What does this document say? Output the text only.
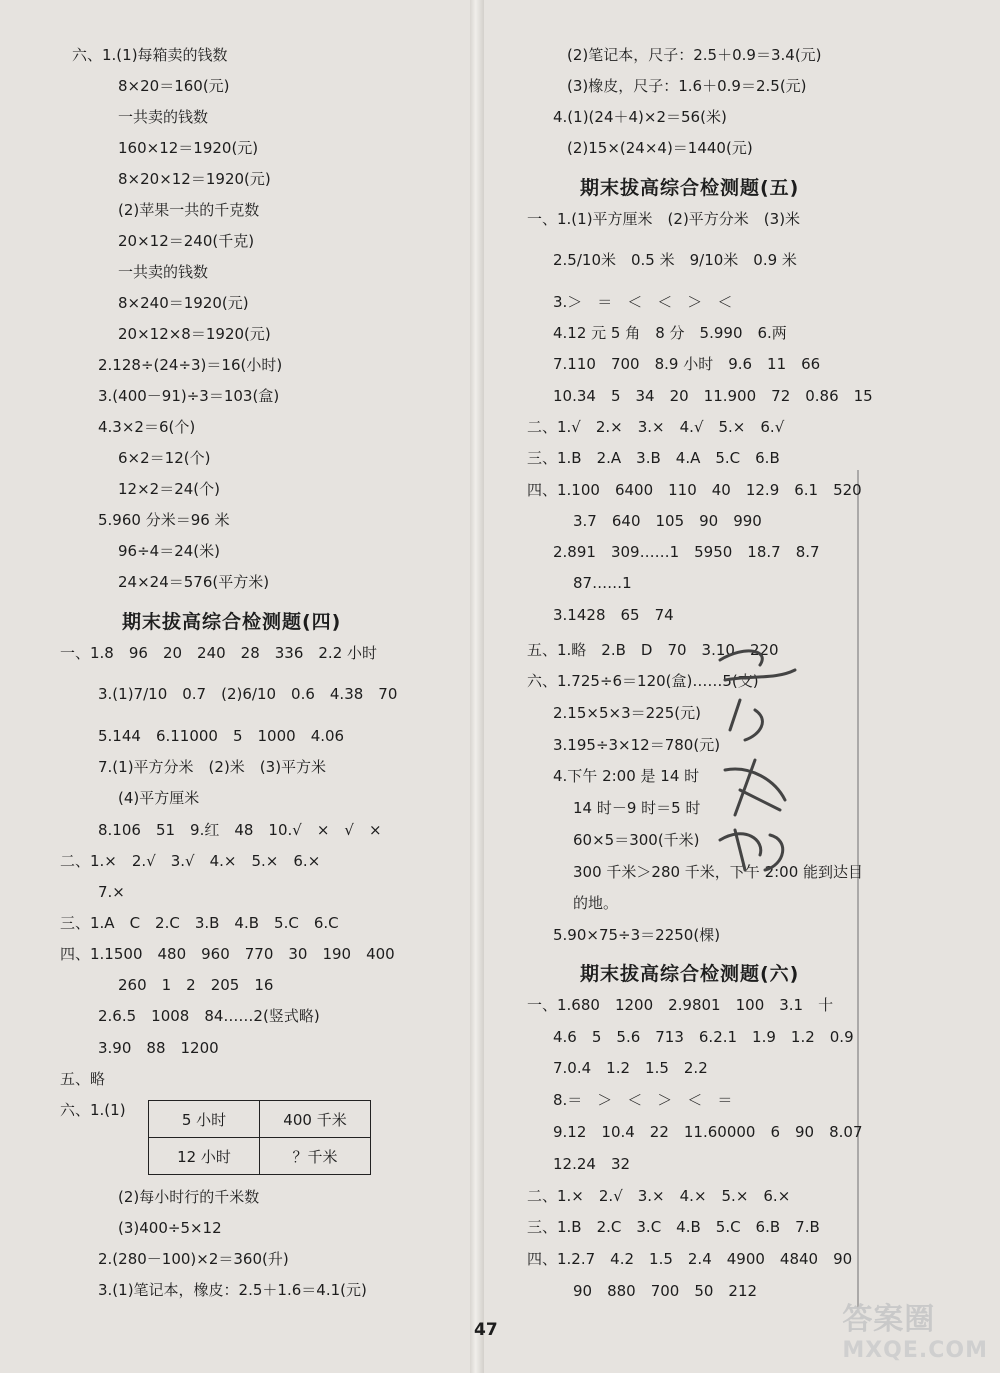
六、1.(1)每箱卖的钱数
8×20＝160(元)
一共卖的钱数
160×12＝1920(元)
8×20×12＝1920(元)
(2)苹果一共的千克数
20×12＝240(千克)
一共卖的钱数
8×240＝1920(元)
20×12×8＝1920(元)
2.128÷(24÷3)＝16(小时)
3.(400－91)÷3＝103(盒)
4.3×2＝6(个)
6×2＝12(个)
12×2＝24(个)
5.960 分米＝96 米
96÷4＝24(米)
24×24＝576(平方米)
期末拔高综合检测题(四)
一、1.8　96　20　240　28　336　2.2 小时
3.(1)7/10　0.7　(2)6/10　0.6　4.38　70
5.144　6.11000　5　1000　4.06
7.(1)平方分米　(2)米　(3)平方米
(4)平方厘米
8.106　51　9.红　48　10.√　×　√　×
二、1.×　2.√　3.√　4.×　5.×　6.×
7.×
三、1.A　C　2.C　3.B　4.B　5.C　6.C
四、1.1500　480　960　770　30　190　400
260　1　2　205　16
2.6.5　1008　84……2(竖式略)
3.90　88　1200
五、略
六、1.(1)
5 小时	400 千米
12 小时	？千米
(2)每小时行的千米数
(3)400÷5×12
2.(280－100)×2＝360(升)
3.(1)笔记本，橡皮：2.5＋1.6＝4.1(元)
(2)笔记本，尺子：2.5＋0.9＝3.4(元)
(3)橡皮，尺子：1.6＋0.9＝2.5(元)
4.(1)(24＋4)×2＝56(米)
(2)15×(24×4)＝1440(元)
期末拔高综合检测题(五)
一、1.(1)平方厘米　(2)平方分米　(3)米
2.5/10米　0.5 米　9/10米　0.9 米
3.＞　＝　＜　＜　＞　＜
4.12 元 5 角　8 分　5.990　6.两
7.110　700　8.9 小时　9.6　11　66
10.34　5　34　20　11.900　72　0.86　15
二、1.√　2.×　3.×　4.√　5.×　6.√
三、1.B　2.A　3.B　4.A　5.C　6.B
四、1.100　6400　110　40　12.9　6.1　520
3.7　640　105　90　990
2.891　309……1　5950　18.7　8.7
87……1
3.1428　65　74
五、1.略　2.B　D　70　3.10　220
六、1.725÷6＝120(盒)……5(支)
2.15×5×3＝225(元)
3.195÷3×12＝780(元)
4.下午 2:00 是 14 时
14 时－9 时＝5 时
60×5＝300(千米)
300 千米＞280 千米，下午 2:00 能到达目
的地。
5.90×75÷3＝2250(棵)
期末拔高综合检测题(六)
一、1.680　1200　2.9801　100　3.1　十
4.6　5　5.6　713　6.2.1　1.9　1.2　0.9
7.0.4　1.2　1.5　2.2
8.＝　＞　＜　＞　＜　＝
9.12　10.4　22　11.60000　6　90　8.07
12.24　32
二、1.×　2.√　3.×　4.×　5.×　6.×
三、1.B　2.C　3.C　4.B　5.C　6.B　7.B
四、1.2.7　4.2　1.5　2.4　4900　4840　90
90　880　700　50　212
47	答案圈
MXQE.COM
